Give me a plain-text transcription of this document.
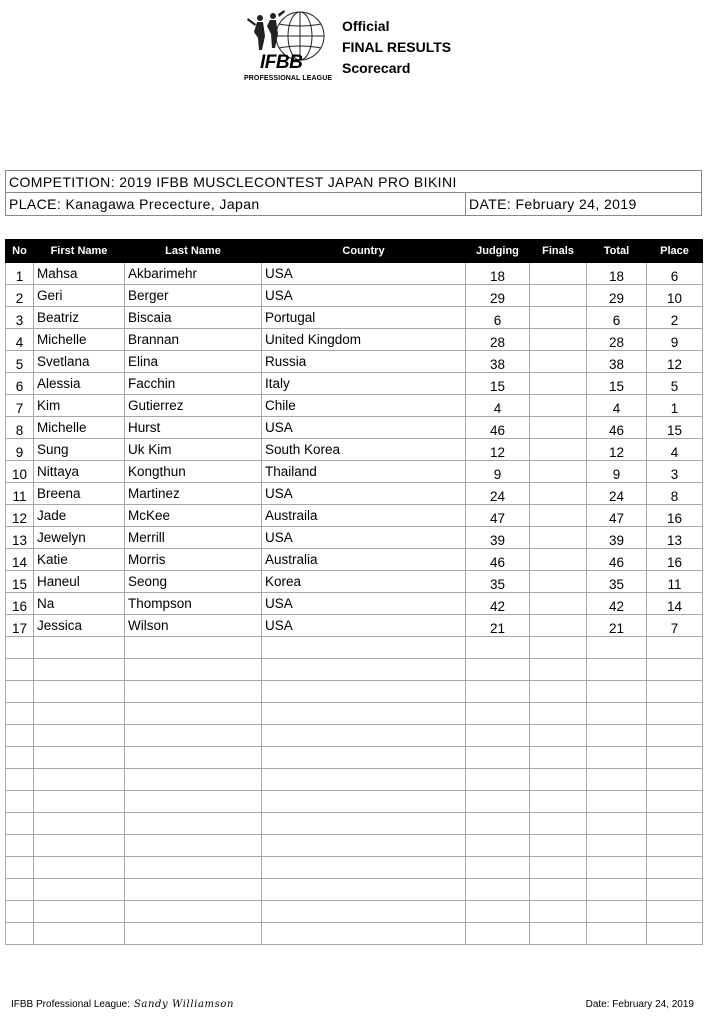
IFBB
PROFESSIONAL LEAGUE
Official
FINAL RESULTS
Scorecard
COMPETITION: 2019 IFBB MUSCLECONTEST JAPAN PRO BIKINI
PLACE: Kanagawa Prececture, Japan	DATE: February 24, 2019
No	First Name	Last Name	Country	Judging	Finals	Total	Place
1	Mahsa	Akbarimehr	USA	18		18	6
2	Geri	Berger	USA	29		29	10
3	Beatriz	Biscaia	Portugal	6		6	2
4	Michelle	Brannan	United Kingdom	28		28	9
5	Svetlana	Elina	Russia	38		38	12
6	Alessia	Facchin	Italy	15		15	5
7	Kim	Gutierrez	Chile	4		4	1
8	Michelle	Hurst	USA	46		46	15
9	Sung	Uk Kim	South Korea	12		12	4
10	Nittaya	Kongthun	Thailand	9		9	3
11	Breena	Martinez	USA	24		24	8
12	Jade	McKee	Austraila	47		47	16
13	Jewelyn	Merrill	USA	39		39	13
14	Katie	Morris	Australia	46		46	16
15	Haneul	Seong	Korea	35		35	11
16	Na	Thompson	USA	42		42	14
17	Jessica	Wilson	USA	21		21	7

IFBB Professional League: Sandy Williamson	Date: February 24, 2019
